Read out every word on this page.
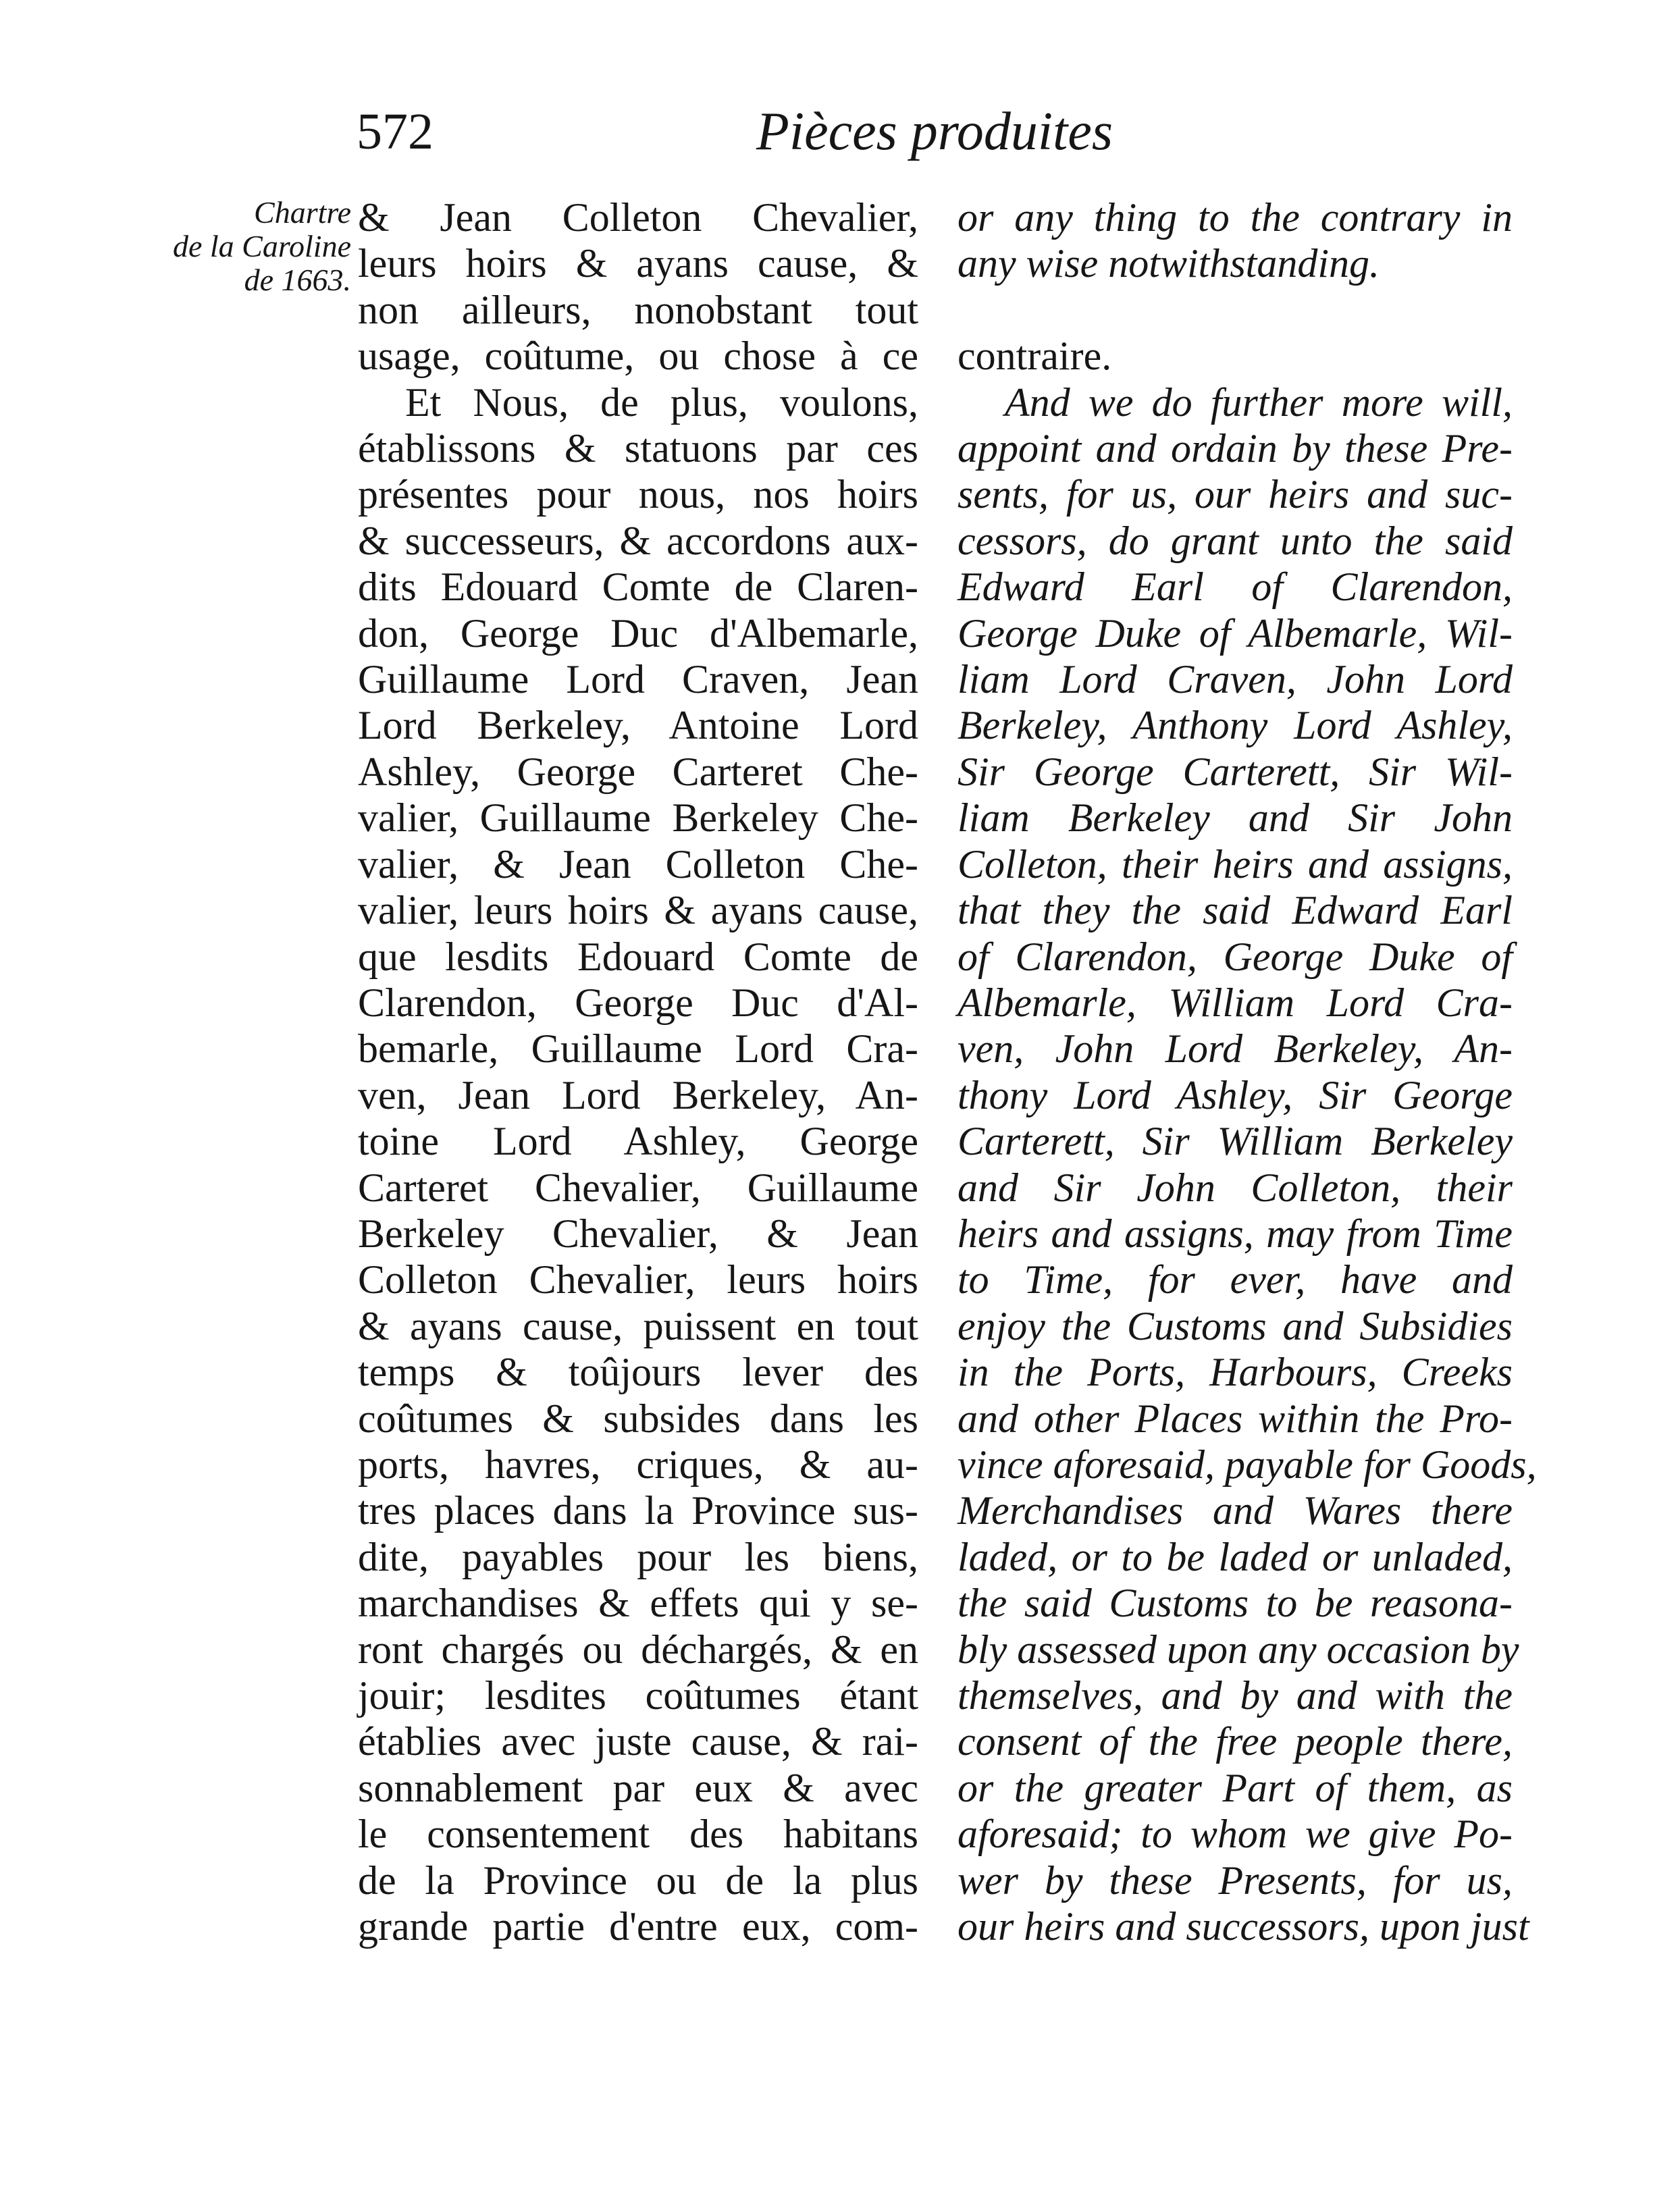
572	Pièces produites
Chartre
de la Caroline
de 1663.
& Jean Colleton Chevalier,
leurs hoirs & ayans cause, &
non ailleurs, nonobstant tout
usage, coûtume, ou chose à ce
Et Nous, de plus, voulons,
établissons & statuons par ces
présentes pour nous, nos hoirs
& successeurs, & accordons aux-
dits Edouard Comte de Claren-
don, George Duc d'Albemarle,
Guillaume Lord Craven, Jean
Lord Berkeley, Antoine Lord
Ashley, George Carteret Che-
valier, Guillaume Berkeley Che-
valier, & Jean Colleton Che-
valier, leurs hoirs & ayans cause,
que lesdits Edouard Comte de
Clarendon, George Duc d'Al-
bemarle, Guillaume Lord Cra-
ven, Jean Lord Berkeley, An-
toine Lord Ashley, George
Carteret Chevalier, Guillaume
Berkeley Chevalier, & Jean
Colleton Chevalier, leurs hoirs
& ayans cause, puissent en tout
temps & toûjours lever des
coûtumes & subsides dans les
ports, havres, criques, & au-
tres places dans la Province sus-
dite, payables pour les biens,
marchandises & effets qui y se-
ront chargés ou déchargés, & en
jouir; lesdites coûtumes étant
établies avec juste cause, & rai-
sonnablement par eux & avec
le consentement des habitans
de la Province ou de la plus
grande partie d'entre eux, com-
or any thing to the contrary in
any wise notwithstanding.

contraire.
And we do further more will,
appoint and ordain by these Pre-
sents, for us, our heirs and suc-
cessors, do grant unto the said
Edward Earl of Clarendon,
George Duke of Albemarle, Wil-
liam Lord Craven, John Lord
Berkeley, Anthony Lord Ashley,
Sir George Carterett, Sir Wil-
liam Berkeley and Sir John
Colleton, their heirs and assigns,
that they the said Edward Earl
of Clarendon, George Duke of
Albemarle, William Lord Cra-
ven, John Lord Berkeley, An-
thony Lord Ashley, Sir George
Carterett, Sir William Berkeley
and Sir John Colleton, their
heirs and assigns, may from Time
to Time, for ever, have and
enjoy the Customs and Subsidies
in the Ports, Harbours, Creeks
and other Places within the Pro-
vince aforesaid, payable for Goods,
Merchandises and Wares there
laded, or to be laded or unladed,
the said Customs to be reasona-
bly assessed upon any occasion by
themselves, and by and with the
consent of the free people there,
or the greater Part of them, as
aforesaid; to whom we give Po-
wer by these Presents, for us,
our heirs and successors, upon just
